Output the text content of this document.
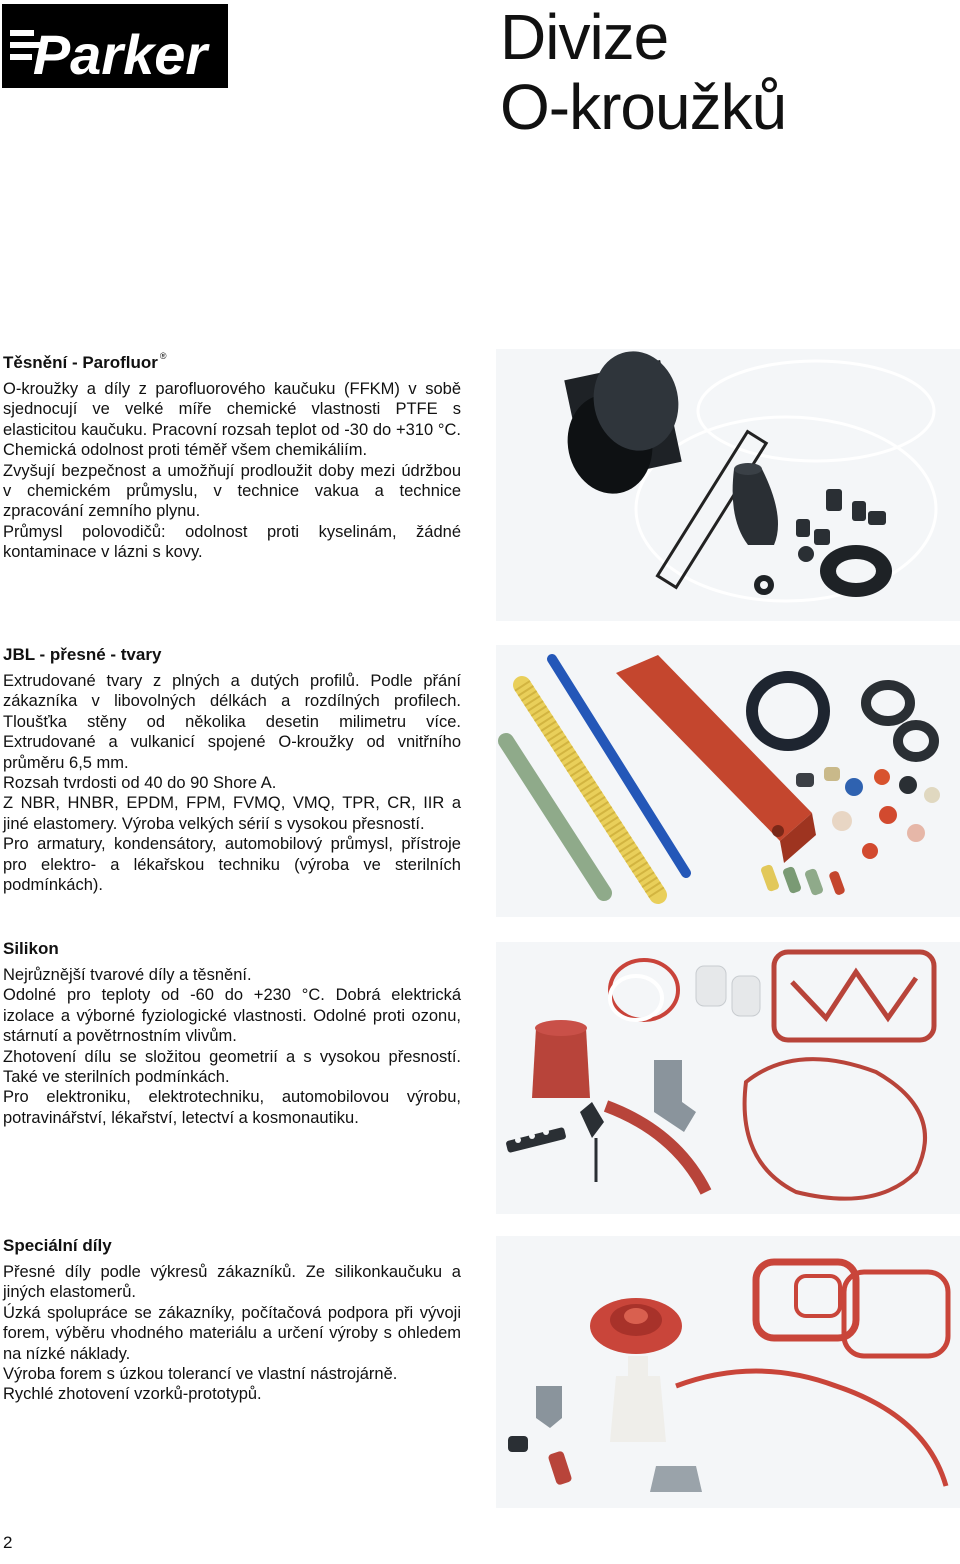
Parker	Divize
O-kroužků
Těsnění - Parofluor ®

O-kroužky a díly z parofluorového kaučuku (FFKM) v sobě sjednocují ve velké míře chemické vlastnosti PTFE s elasticitou kaučuku. Pracovní rozsah teplot od -30 do +310 °C. Chemická odolnost proti téměř všem chemikáliím.

Zvyšují bezpečnost a umožňují prodloužit doby mezi údržbou v chemickém průmyslu, v technice vakua a technice zpracování zemního plynu.

Průmysl polovodičů: odolnost proti kyselinám, žádné kontaminace v lázni s kovy.

JBL - přesné - tvary

Extrudované tvary z plných a dutých profilů. Podle přání zákazníka v libovolných délkách a rozdílných profilech. Tloušťka stěny od několika desetin milimetru více. Extrudované a vulkanicí spojené O-kroužky od vnitřního průměru 6,5 mm.

Rozsah tvrdosti od 40 do 90 Shore A.

Z NBR, HNBR, EPDM, FPM, FVMQ, VMQ, TPR, CR, IIR a jiné elastomery. Výroba velkých sérií s vysokou přesností.

Pro armatury, kondensátory, automobilový průmysl, přístroje pro elektro- a lékařskou techniku (výroba ve sterilních podmínkách).

Silikon

Nejrůznější tvarové díly a těsnění.

Odolné pro teploty od -60 do +230 °C. Dobrá elektrická izolace a výborné fyziologické vlastnosti. Odolné proti ozonu, stárnutí a povětrnostním vlivům.

Zhotovení dílu se složitou geometrií a s vysokou přesností. Také ve sterilních podmínkách.

Pro elektroniku, elektrotechniku, automobilovou výrobu, potravinářství, lékařství, letectví a kosmonautiku.

Speciální díly

Přesné díly podle výkresů zákazníků. Ze silikonkaučuku a jiných elastomerů.

Úzká spolupráce se zákazníky, počítačová podpora při vývoji forem, výběru vhodného materiálu a určení výroby s ohledem na nízké náklady.

Výroba forem s úzkou tolerancí ve vlastní nástrojárně.

Rychlé zhotovení vzorků-prototypů.

2
